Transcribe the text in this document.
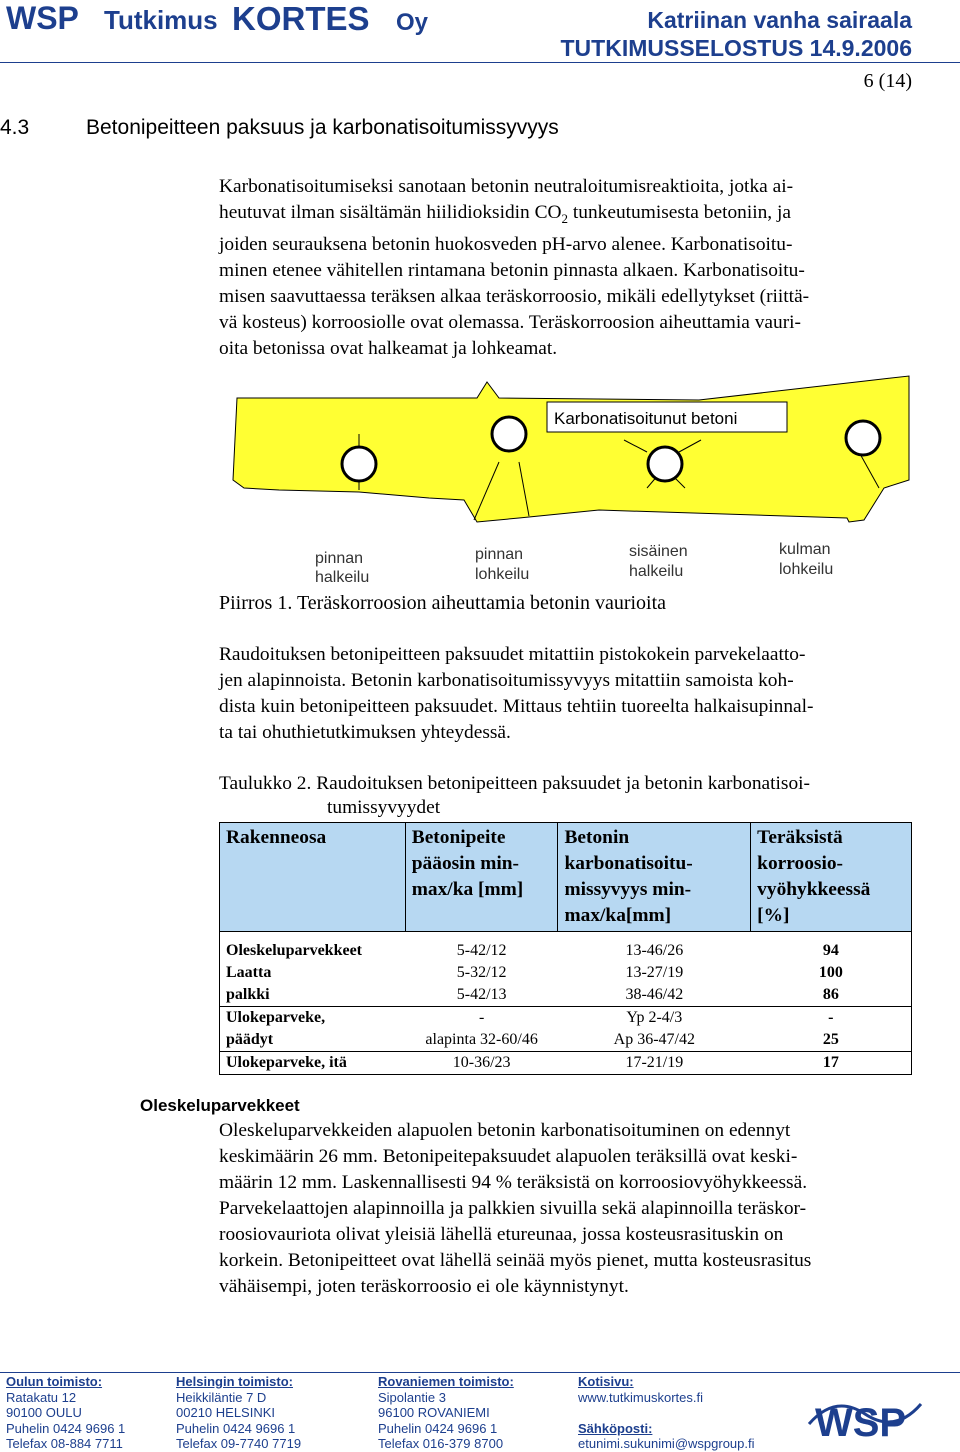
WSP Tutkimus KORTES Oy	Katriinan vanha sairaala
TUTKIMUSSELOSTUS 14.9.2006
6 (14)
4.3	Betonipeitteen paksuus ja karbonatisoitumissyvyys

Karbonatisoitumiseksi sanotaan betonin neutraloitumisreaktioita, jotka ai-

heutuvat ilman sisältämän hiilidioksidin $CO_2$ tunkeutumisesta betoniin, ja

joiden seurauksena betonin huokosveden pH-arvo alenee. Karbonatisoitu-

minen etenee vähitellen rintamana betonin pinnasta alkaen. Karbonatisoitu-

misen saavuttaessa teräksen alkaa teräskorroosio, mikäli edellytykset (riittä-

vä kosteus) korroosiolle ovat olemassa. Teräskorroosion aiheuttamia vauri-

oita betonissa ovat halkeamat ja lohkeamat.

Karbonatisoitunut betoni
pinnan
halkeilu
pinnan
lohkeilu
sisäinen
halkeilu
kulman
lohkeilu
Piirros 1. Teräskorroosion aiheuttamia betonin vaurioita

Raudoituksen betonipeitteen paksuudet mitattiin pistokokein parvekelaatto-

jen alapinnoista. Betonin karbonatisoitumissyvyys mitattiin samoista koh-

dista kuin betonipeitteen paksuudet. Mittaus tehtiin tuoreelta halkaisupinnal-

ta tai ohuthietutkimuksen yhteydessä.

Taulukko 2. Raudoituksen betonipeitteen paksuudet ja betonin karbonatisoi-
tumissyvyydet
Rakenneosa	Betonipeite pääosin min-max/ka [mm]	Betonin karbonatisoitu-missyvyys min-max/ka[mm]	Teräksistä korroosio-vyöhykkeessä [%]

Oleskeluparvekkeet	5-42/12	13-46/26	94
Laatta	5-32/12	13-27/19	100
palkki	5-42/13	38-46/42	86
Ulokeparveke,	-	Yp 2-4/3	-
päädyt	alapinta 32-60/46	Ap 36-47/42	25
Ulokeparveke, itä	10-36/23	17-21/19	17
Oleskeluparvekkeet

Oleskeluparvekkeiden alapuolen betonin karbonatisoituminen on edennyt

keskimäärin 26 mm. Betonipeitepaksuudet alapuolen teräksillä ovat keski-

määrin 12 mm. Laskennallisesti 94 % teräksistä on korroosiovyöhykkeessä.

Parvekelaattojen alapinnoilla ja palkkien sivuilla sekä alapinnoilla teräskor-

roosiovauriota olivat yleisiä lähellä etureunaa, jossa kosteusrasituskin on

korkein. Betonipeitteet ovat lähellä seinää myös pienet, mutta kosteusrasitus

vähäisempi, joten teräskorroosio ei ole käynnistynyt.

Oulun toimisto:
Ratakatu 12
90100 OULU
Puhelin 0424 9696 1
Telefax 08-884 7711
Helsingin toimisto:
Heikkiläntie 7 D
00210 HELSINKI
Puhelin 0424 9696 1
Telefax 09-7740 7719
Rovaniemen toimisto:
Sipolantie 3
96100 ROVANIEMI
Puhelin 0424 9696 1
Telefax 016-379 8700
Kotisivu:
www.tutkimuskortes.fi

Sähköposti:
etunimi.sukunimi@wspgroup.fi WSP
